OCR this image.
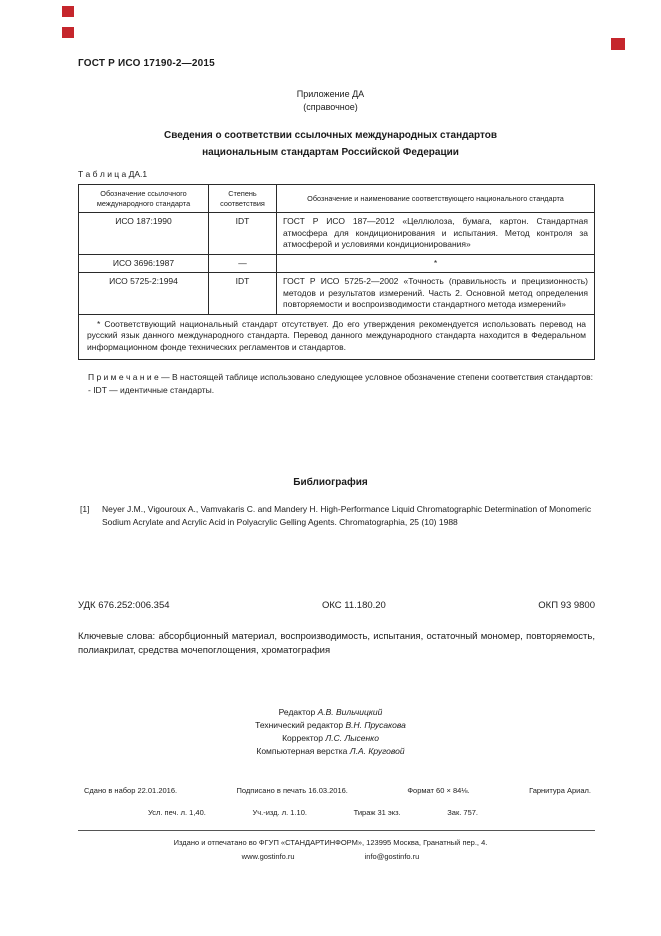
ГОСТ Р ИСО 17190-2—2015
Приложение ДА
(справочное)
Сведения о соответствии ссылочных международных стандартов
национальным стандартам Российской Федерации
Т а б л и ц а ДА.1
Обозначение ссылочного международного стандарта	Степень соответствия	Обозначение и наименование соответствующего национального стандарта
ИСО 187:1990	IDT	ГОСТ Р ИСО 187—2012 «Целлюлоза, бумага, картон. Стандартная атмосфера для кондиционирования и испытания. Метод контроля за атмосферой и условиями кондиционирования»
ИСО 3696:1987	—	*
ИСО 5725-2:1994	IDT	ГОСТ Р ИСО 5725-2—2002 «Точность (правильность и прецизионность) методов и результатов измерений. Часть 2. Основной метод определения повторяемости и воспроизводимости стандартного метода измерений»
* Соответствующий национальный стандарт отсутствует. До его утверждения рекомендуется использовать перевод на русский язык данного международного стандарта. Перевод данного международного стандарта находится в Федеральном информационном фонде технических регламентов и стандартов.		
П р и м е ч а н и е — В настоящей таблице использовано следующее условное обозначение степени соответствия стандартов:
- IDT — идентичные стандарты.
Библиография
[1]	Neyer J.M., Vigouroux A., Vamvakaris C. and Mandery H. High-Performance Liquid Chromatographic Determination of Monomeric Sodium Acrylate and Acrylic Acid in Polyacrylic Gelling Agents. Chromatographia, 25 (10) 1988
УДК 676.252:006.354	ОКС 11.180.20	ОКП 93 9800
Ключевые слова: абсорбционный материал, воспроизводимость, испытания, остаточный мономер, повторяемость, полиакрилат, средства мочепоглощения, хроматография
Редактор А.В. Вильчицкий
Технический редактор В.Н. Прусакова
Корректор Л.С. Лысенко
Компьютерная верстка Л.А. Круговой
Сдано в набор 22.01.2016.	Подписано в печать 16.03.2016.	Формат 60 × 84⅛.	Гарнитура Ариал.
Усл. печ. л. 1,40.	Уч.-изд. л. 1.10.	Тираж 31 экз.	Зак. 757.
Издано и отпечатано во ФГУП «СТАНДАРТИНФОРМ», 123995 Москва, Гранатный пер., 4.
www.gostinfo.ru	info@gostinfo.ru
